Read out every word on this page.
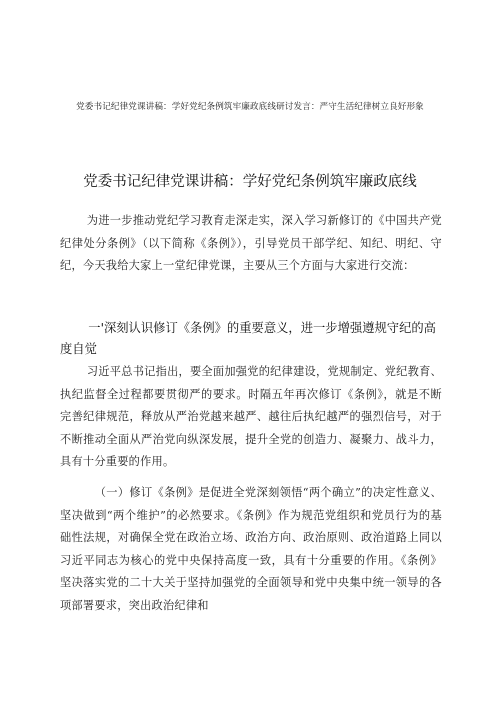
党委书记纪律党课讲稿：学好党纪条例筑牢廉政底线研讨发言：严守生活纪律树立良好形象
党委书记纪律党课讲稿：学好党纪条例筑牢廉政底线

为进一步推动党纪学习教育走深走实，深入学习新修订的《中国共产党纪律处分条例》（以下简称《条例》），引导党员干部学纪、知纪、明纪、守纪，今天我给大家上一堂纪律党课，主要从三个方面与大家进行交流：

一'深刻认识修订《条例》的重要意义，进一步增强遵规守纪的高度自觉

习近平总书记指出，要全面加强党的纪律建设，党规制定、党纪教育、执纪监督全过程都要贯彻严的要求。时隔五年再次修订《条例》，就是不断完善纪律规范，释放从严治党越来越严、越往后执纪越严的强烈信号，对于不断推动全面从严治党向纵深发展，提升全党的创造力、凝聚力、战斗力，具有十分重要的作用。

（一）修订《条例》是促进全党深刻领悟“两个确立”的决定性意义、坚决做到“两个维护”的必然要求。《条例》作为规范党组织和党员行为的基础性法规，对确保全党在政治立场、政治方向、政治原则、政治道路上同以习近平同志为核心的党中央保持高度一致，具有十分重要的作用。《条例》坚决落实党的二十大关于坚持加强党的全面领导和党中央集中统一领导的各项部署要求，突出政治纪律和
